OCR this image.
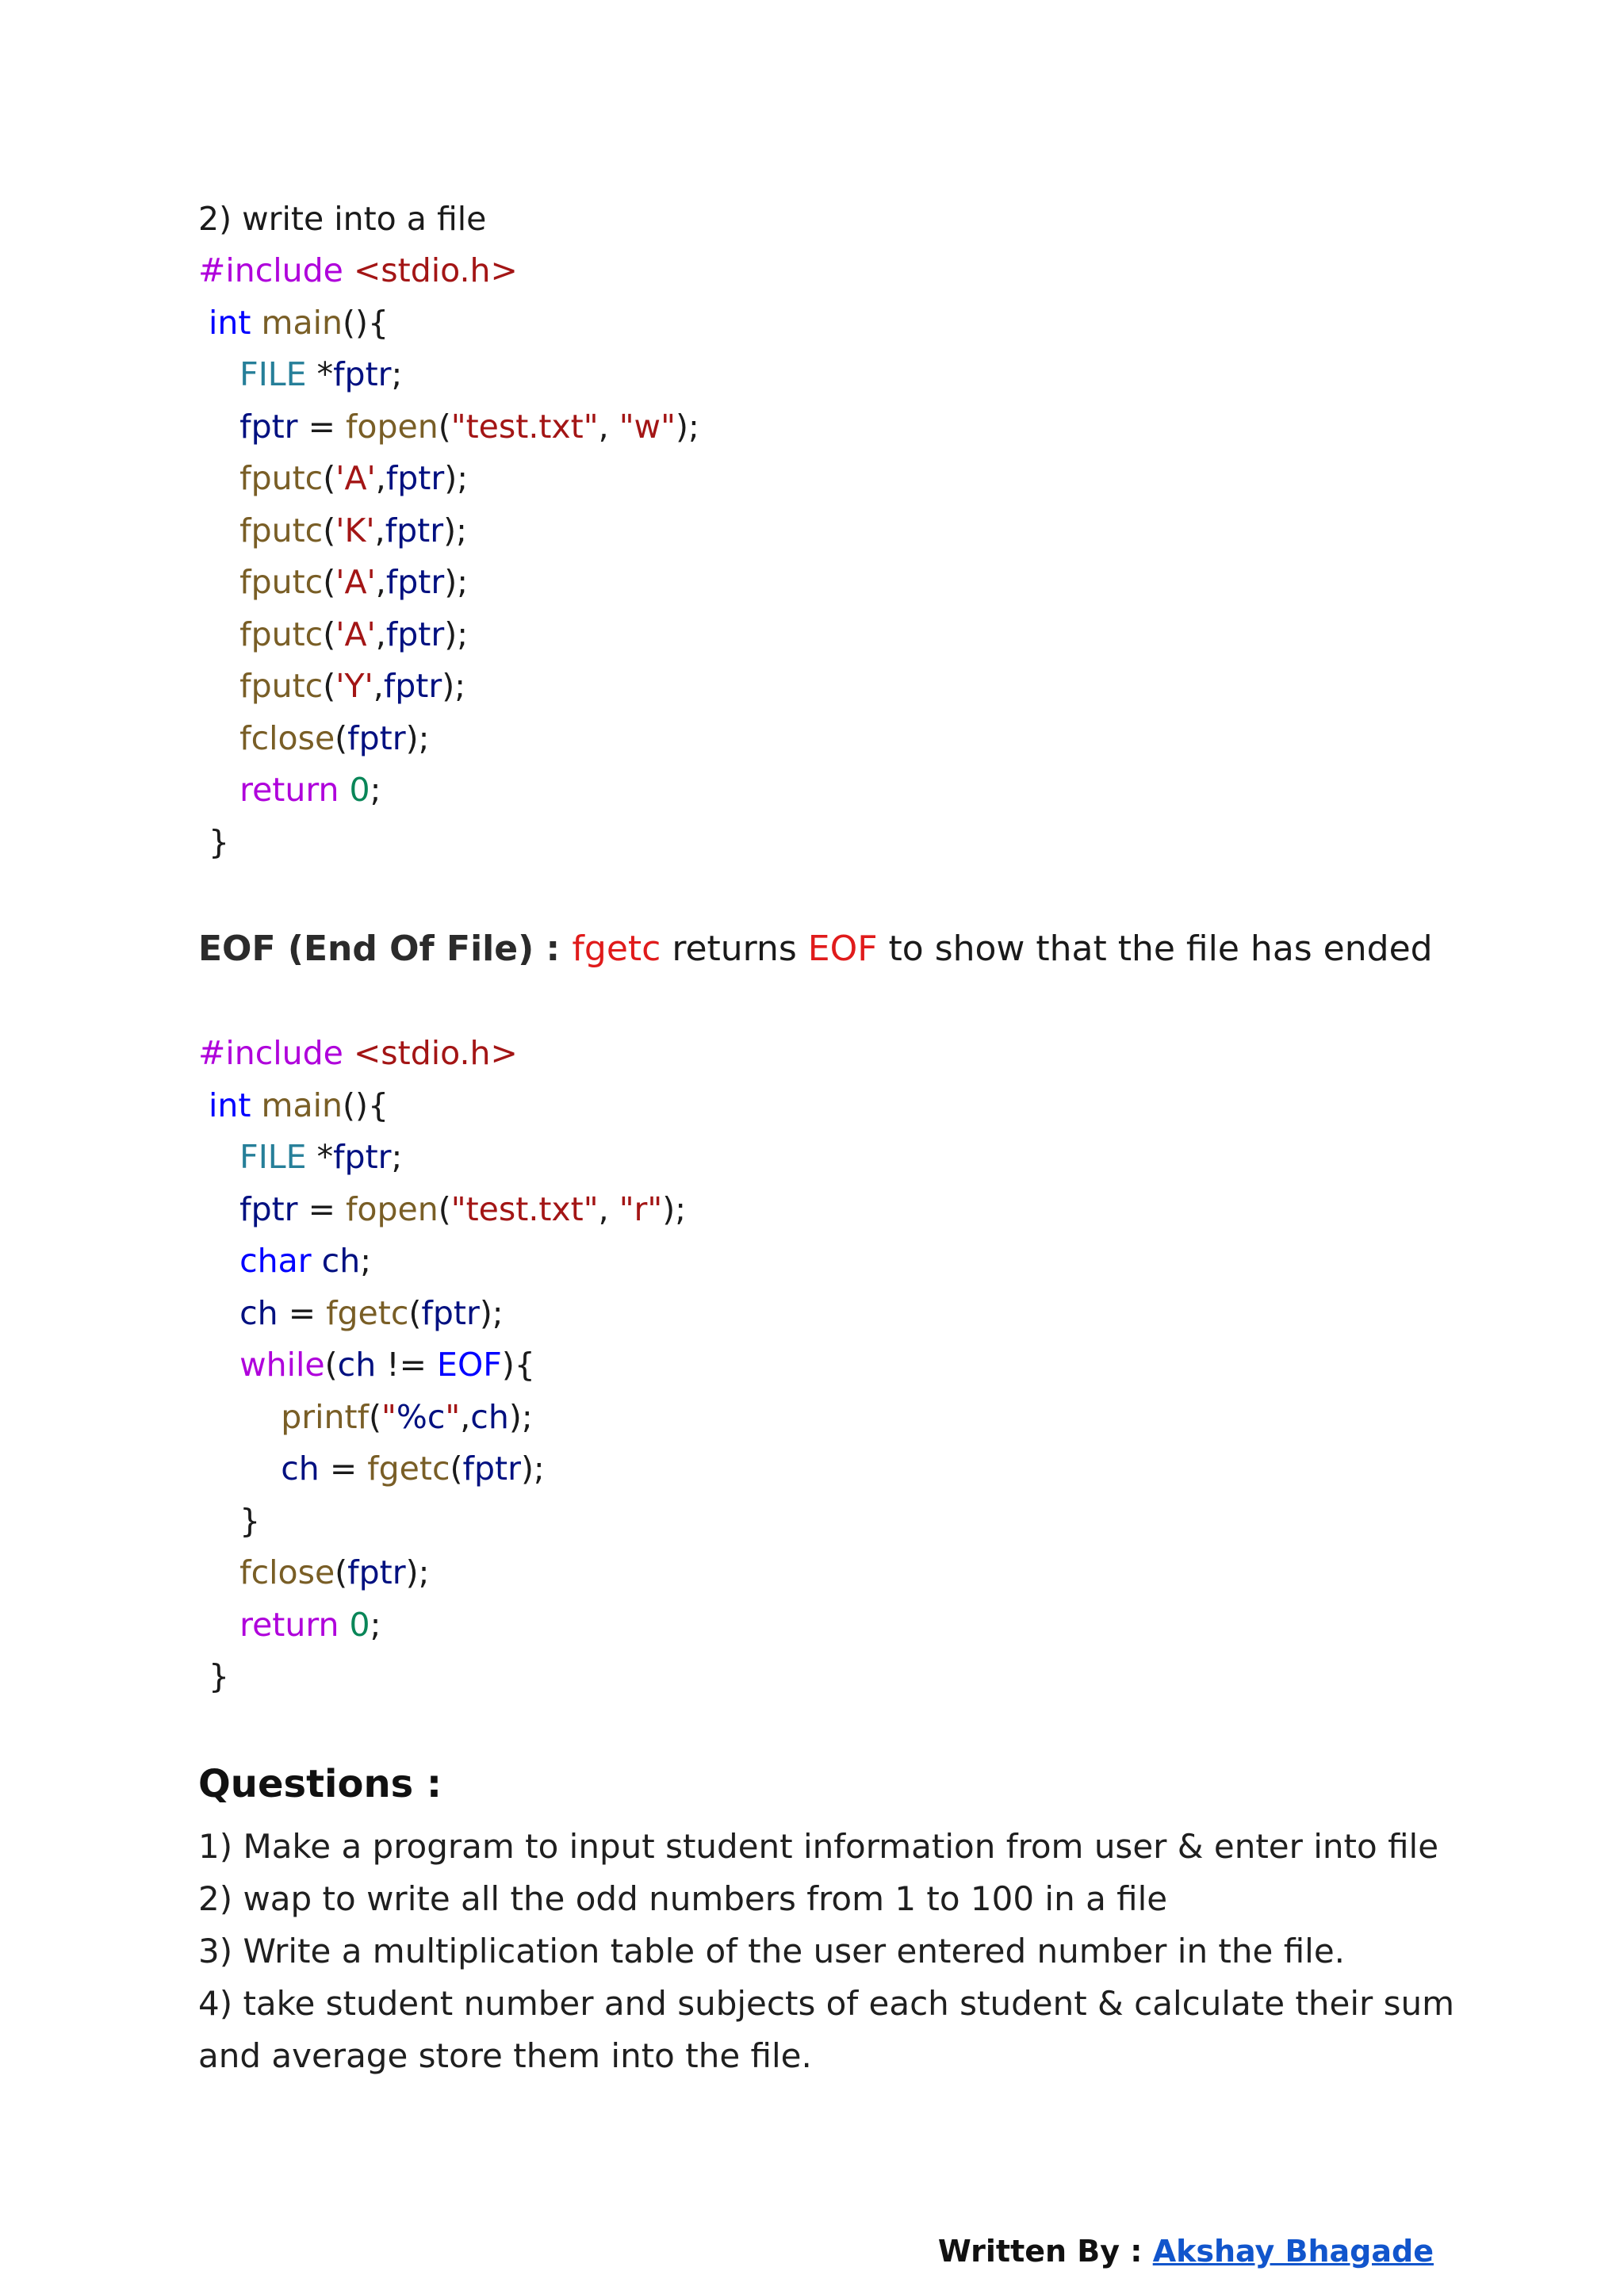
2) write into a file
#include <stdio.h>
int main(){
FILE *fptr;
fptr = fopen("test.txt", "w");
fputc('A',fptr);
fputc('K',fptr);
fputc('A',fptr);
fputc('A',fptr);
fputc('Y',fptr);
fclose(fptr);
return 0;
}
EOF (End Of File) : fgetc returns EOF to show that the file has ended
#include <stdio.h>
int main(){
FILE *fptr;
fptr = fopen("test.txt", "r");
char ch;
ch = fgetc(fptr);
while(ch != EOF){
printf("%c",ch);
ch = fgetc(fptr);
}
fclose(fptr);
return 0;
}
Questions :
1) Make a program to input student information from user & enter into file
2) wap to write all the odd numbers from 1 to 100 in a file
3) Write a multiplication table of the user entered number in the file.
4) take student number and subjects of each student & calculate their sum
and average store them into the file.
Written By : Akshay Bhagade
